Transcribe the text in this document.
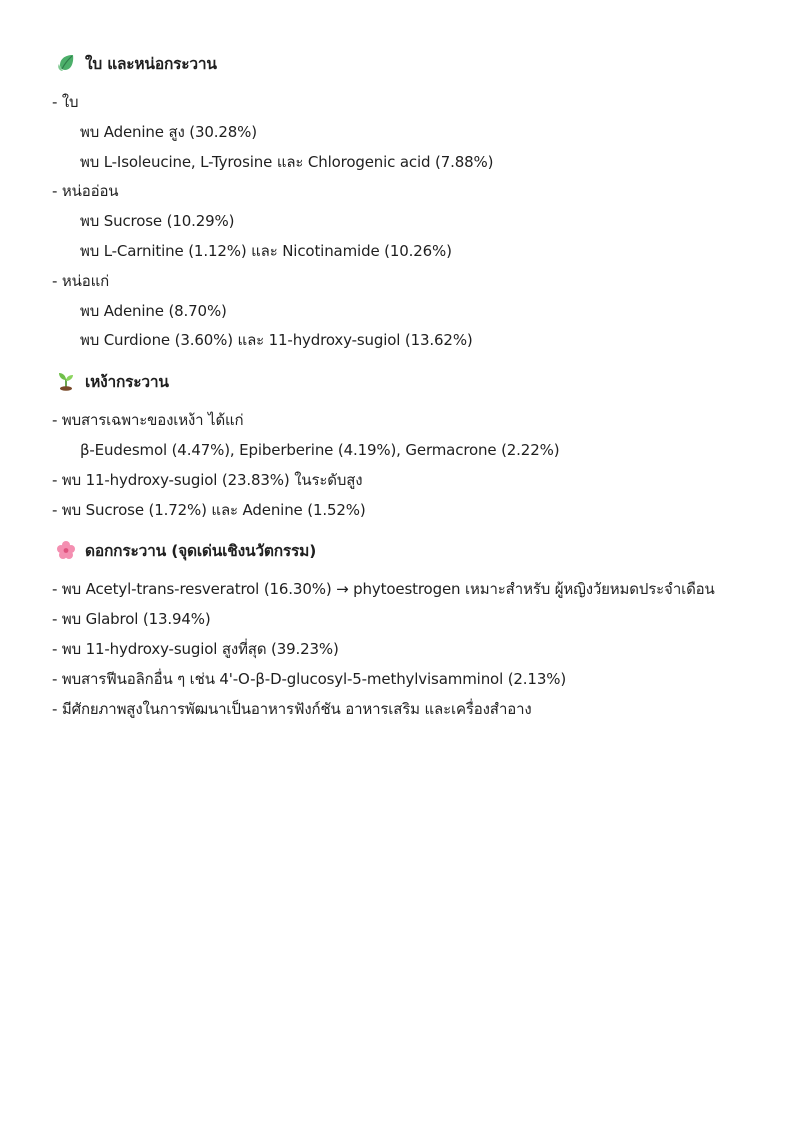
ใบ และหน่อกระวาน
- ใบ
พบ Adenine สูง (30.28%)
พบ L-Isoleucine, L-Tyrosine และ Chlorogenic acid (7.88%)
- หน่ออ่อน
พบ Sucrose (10.29%)
พบ L-Carnitine (1.12%) และ Nicotinamide (10.26%)
- หน่อแก่
พบ Adenine (8.70%)
พบ Curdione (3.60%) และ 11-hydroxy-sugiol (13.62%)
เหง้ากระวาน
- พบสารเฉพาะของเหง้า ได้แก่
β-Eudesmol (4.47%), Epiberberine (4.19%), Germacrone (2.22%)
- พบ 11-hydroxy-sugiol (23.83%) ในระดับสูง
- พบ Sucrose (1.72%) และ Adenine (1.52%)
ดอกกระวาน (จุดเด่นเชิงนวัตกรรม)
- พบ Acetyl-trans-resveratrol (16.30%) → phytoestrogen เหมาะสำหรับ ผู้หญิงวัยหมดประจำเดือน
- พบ Glabrol (13.94%)
- พบ 11-hydroxy-sugiol สูงที่สุด (39.23%)
- พบสารฟีนอลิกอื่น ๆ เช่น 4'-O-β-D-glucosyl-5-methylvisamminol (2.13%)
- มีศักยภาพสูงในการพัฒนาเป็นอาหารฟังก์ชัน อาหารเสริม และเครื่องสำอาง
